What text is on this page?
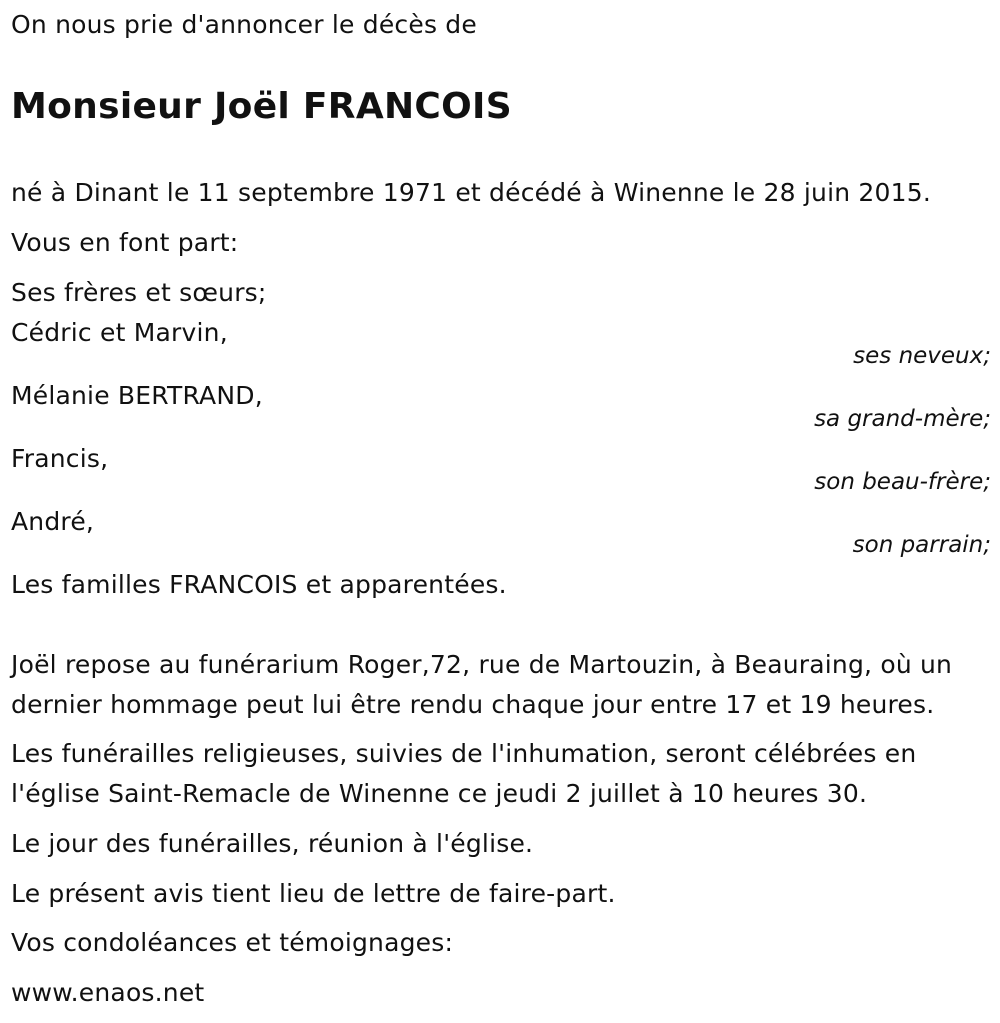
On nous prie d'annoncer le décès de
Monsieur Joël FRANCOIS
né à Dinant le 11 septembre 1971 et décédé à Winenne le 28 juin 2015.
Vous en font part:
Ses frères et sœurs;
Cédric et Marvin,
ses neveux;
Mélanie BERTRAND,
sa grand-mère;
Francis,
son beau-frère;
André,
son parrain;
Les familles FRANCOIS et apparentées.
Joël repose au funérarium Roger,72, rue de Martouzin, à Beauraing, où un
dernier hommage peut lui être rendu chaque jour entre 17 et 19 heures.
Les funérailles religieuses, suivies de l'inhumation, seront célébrées en
l'église Saint-Remacle de Winenne ce jeudi 2 juillet à 10 heures 30.
Le jour des funérailles, réunion à l'église.
Le présent avis tient lieu de lettre de faire-part.
Vos condoléances et témoignages:
www.enaos.net
